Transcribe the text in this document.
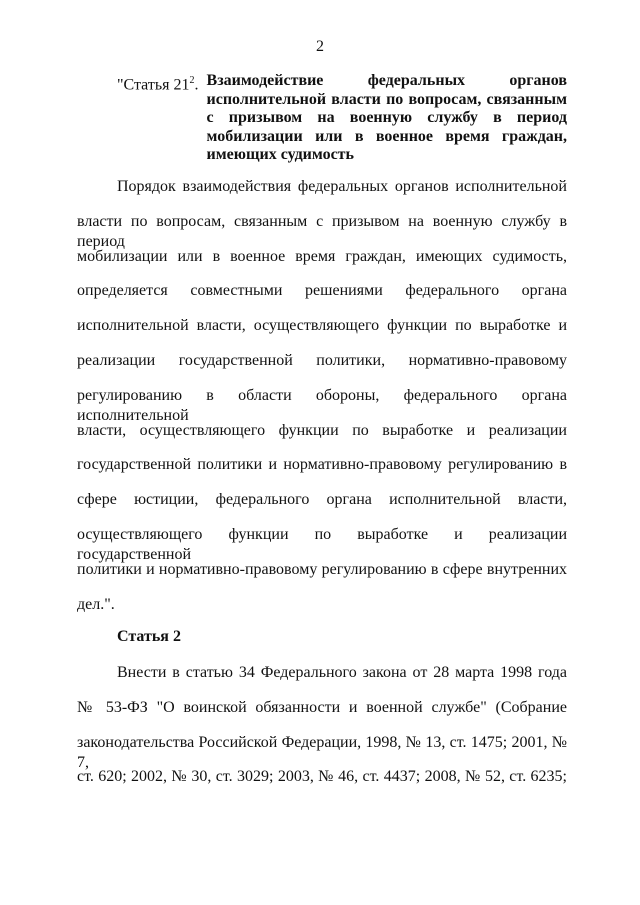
2
"Статья $21^2$. Взаимодействие федеральных органов
исполнительной власти по вопросам, связанным
с призывом на военную службу в период
мобилизации или в военное время граждан,
имеющих судимость
Порядок взаимодействия федеральных органов исполнительной
власти по вопросам, связанным с призывом на военную службу в период
мобилизации или в военное время граждан, имеющих судимость,
определяется совместными решениями федерального органа
исполнительной власти, осуществляющего функции по выработке и
реализации государственной политики, нормативно-правовому
регулированию в области обороны, федерального органа исполнительной
власти, осуществляющего функции по выработке и реализации
государственной политики и нормативно-правовому регулированию в
сфере юстиции, федерального органа исполнительной власти,
осуществляющего функции по выработке и реализации государственной
политики и нормативно-правовому регулированию в сфере внутренних
дел.".
Статья 2
Внести в статью 34 Федерального закона от 28 марта 1998 года
№ 53-ФЗ "О воинской обязанности и военной службе" (Собрание
законодательства Российской Федерации, 1998, № 13, ст. 1475; 2001, № 7,
ст. 620; 2002, № 30, ст. 3029; 2003, № 46, ст. 4437; 2008, № 52, ст. 6235;
